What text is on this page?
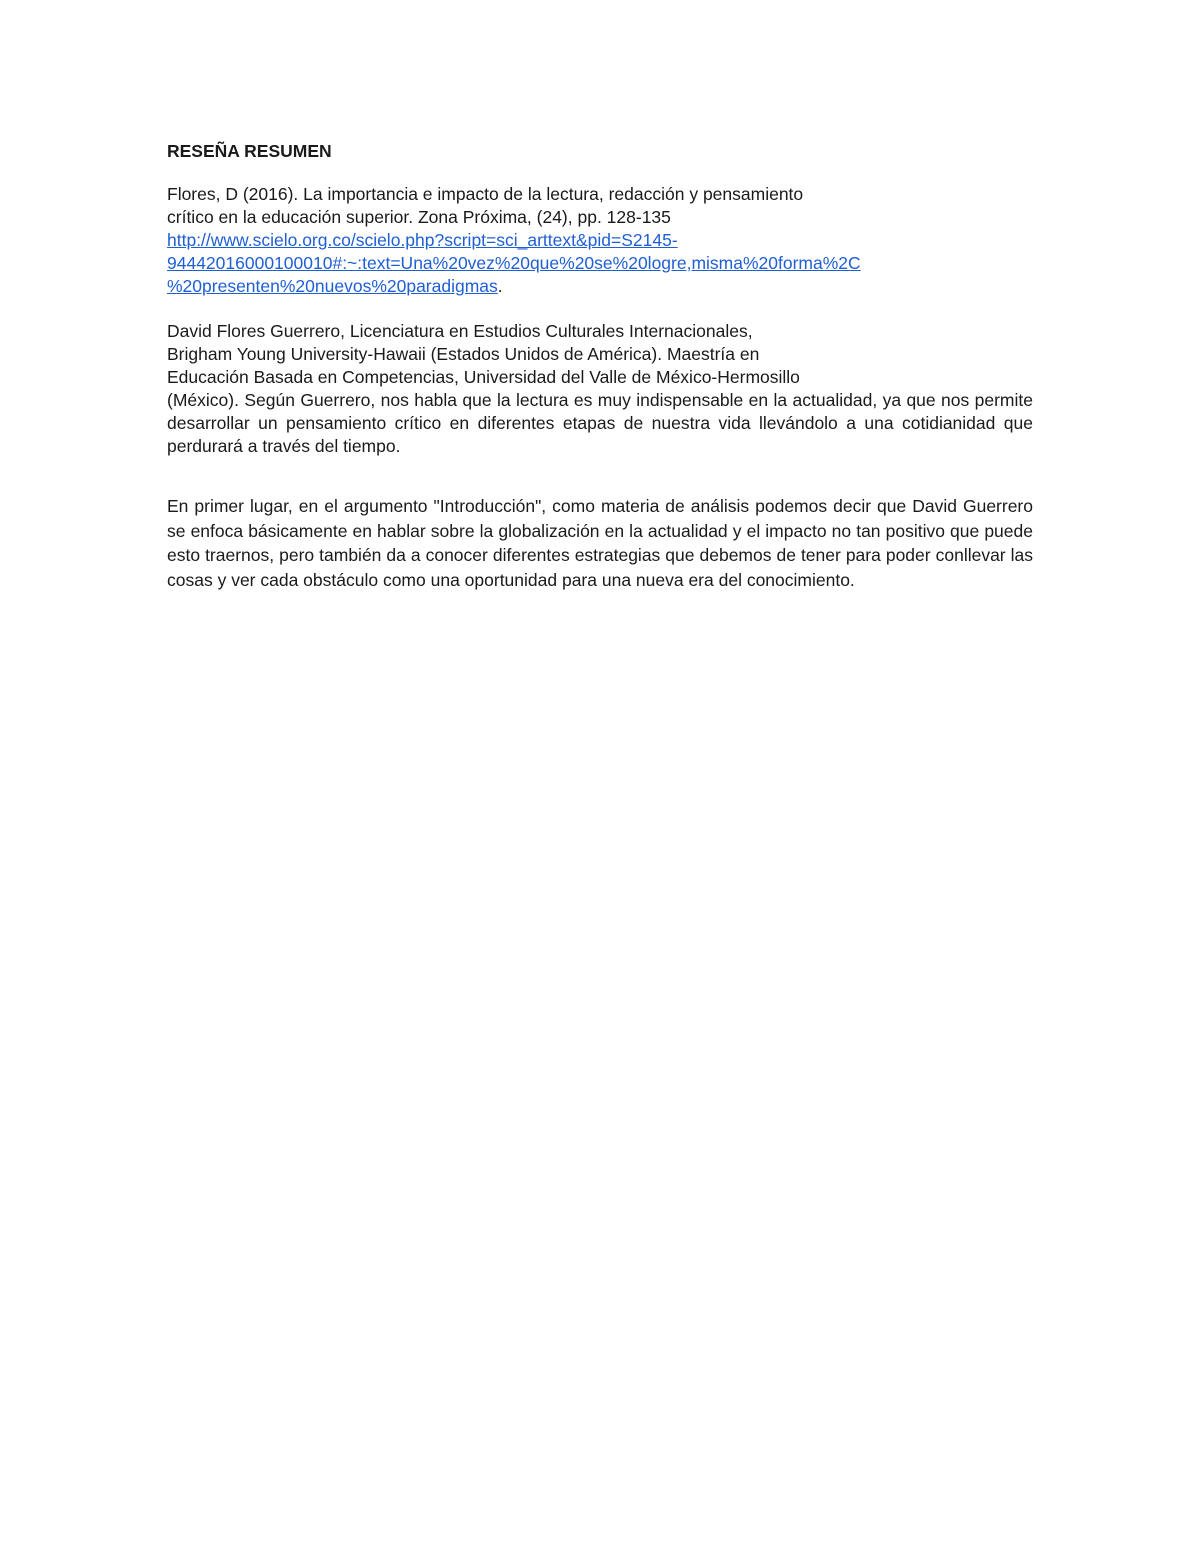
RESEÑA RESUMEN
Flores, D (2016). La importancia e impacto de la lectura, redacción y pensamiento
crítico en la educación superior. Zona Próxima, (24), pp. 128-135
http://www.scielo.org.co/scielo.php?script=sci_arttext&pid=S2145-
94442016000100010#:~:text=Una%20vez%20que%20se%20logre,misma%20forma%2C
%20presenten%20nuevos%20paradigmas.
David Flores Guerrero, Licenciatura en Estudios Culturales Internacionales,
Brigham Young University-Hawaii (Estados Unidos de América). Maestría en
Educación Basada en Competencias, Universidad del Valle de México-Hermosillo
(México). Según Guerrero, nos habla que la lectura es muy indispensable en la actualidad, ya que nos permite desarrollar un pensamiento crítico en diferentes etapas de nuestra vida llevándolo a una cotidianidad que perdurará a través del tiempo.

En primer lugar, en el argumento "Introducción", como materia de análisis podemos decir que David Guerrero se enfoca básicamente en hablar sobre la globalización en la actualidad y el impacto no tan positivo que puede esto traernos, pero también da a conocer diferentes estrategias que debemos de tener para poder conllevar las cosas y ver cada obstáculo como una oportunidad para una nueva era del conocimiento.
